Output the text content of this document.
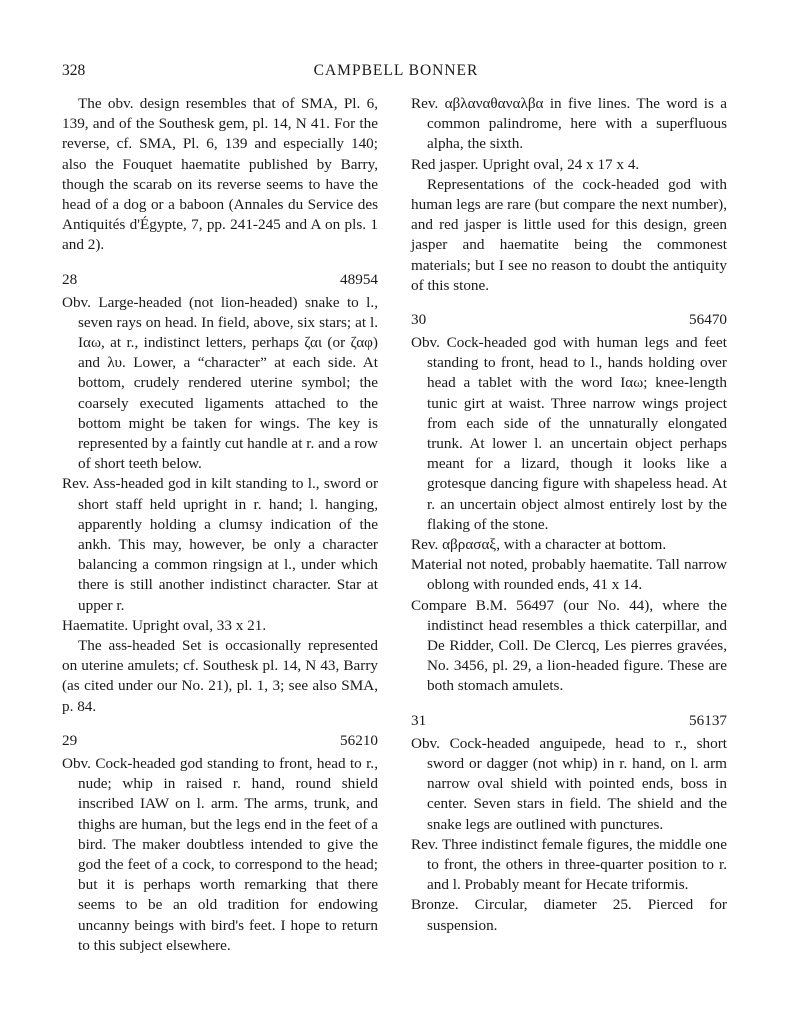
328	CAMPBELL BONNER

The obv. design resembles that of SMA, Pl. 6, 139, and of the Southesk gem, pl. 14, N 41. For the reverse, cf. SMA, Pl. 6, 139 and especially 140; also the Fouquet haematite published by Barry, though the scarab on its reverse seems to have the head of a dog or a baboon (Annales du Service des Antiquités d'Égypte, 7, pp. 241-245 and A on pls. 1 and 2).

28	48954

Obv. Large-headed (not lion-headed) snake to l., seven rays on head. In field, above, six stars; at l. Ιαω, at r., indistinct letters, perhaps ζαι (or ζαφ) and λυ. Lower, a “character” at each side. At bottom, crudely rendered uterine symbol; the coarsely executed ligaments attached to the bottom might be taken for wings. The key is represented by a faintly cut handle at r. and a row of short teeth below.

Rev. Ass-headed god in kilt standing to l., sword or short staff held upright in r. hand; l. hanging, apparently holding a clumsy indication of the ankh. This may, however, be only a character balancing a common ringsign at l., under which there is still another indistinct character. Star at upper r.

Haematite. Upright oval, 33 x 21.

The ass-headed Set is occasionally represented on uterine amulets; cf. Southesk pl. 14, N 43, Barry (as cited under our No. 21), pl. 1, 3; see also SMA, p. 84.

29	56210

Obv. Cock-headed god standing to front, head to r., nude; whip in raised r. hand, round shield inscribed IAW on l. arm. The arms, trunk, and thighs are human, but the legs end in the feet of a bird. The maker doubtless intended to give the god the feet of a cock, to correspond to the head; but it is perhaps worth remarking that there seems to be an old tradition for endowing uncanny beings with bird's feet. I hope to return to this subject elsewhere.

Rev. αβλαναθαναλβα in five lines. The word is a common palindrome, here with a superfluous alpha, the sixth.

Red jasper. Upright oval, 24 x 17 x 4.

Representations of the cock-headed god with human legs are rare (but compare the next number), and red jasper is little used for this design, green jasper and haematite being the commonest materials; but I see no reason to doubt the antiquity of this stone.

30	56470

Obv. Cock-headed god with human legs and feet standing to front, head to l., hands holding over head a tablet with the word Ιαω; knee-length tunic girt at waist. Three narrow wings project from each side of the unnaturally elongated trunk. At lower l. an uncertain object perhaps meant for a lizard, though it looks like a grotesque dancing figure with shapeless head. At r. an uncertain object almost entirely lost by the flaking of the stone.

Rev. αβρασαξ, with a character at bottom.

Material not noted, probably haematite. Tall narrow oblong with rounded ends, 41 x 14.

Compare B.M. 56497 (our No. 44), where the indistinct head resembles a thick caterpillar, and De Ridder, Coll. De Clercq, Les pierres gravées, No. 3456, pl. 29, a lion-headed figure. These are both stomach amulets.

31	56137

Obv. Cock-headed anguipede, head to r., short sword or dagger (not whip) in r. hand, on l. arm narrow oval shield with pointed ends, boss in center. Seven stars in field. The shield and the snake legs are outlined with punctures.

Rev. Three indistinct female figures, the middle one to front, the others in three-quarter position to r. and l. Probably meant for Hecate triformis.

Bronze. Circular, diameter 25. Pierced for suspension.
